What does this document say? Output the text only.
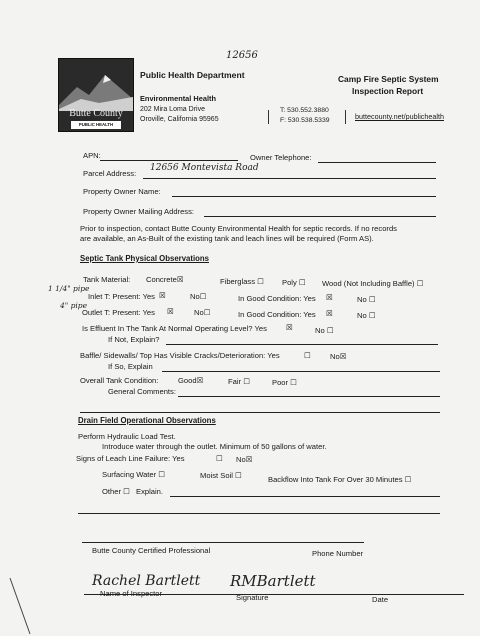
12656
Butte County
PUBLIC HEALTH
Public Health Department
Environmental Health
202 Mira Loma Drive
Oroville, California 95965
T: 530.552.3880
F: 530.538.5339	buttecounty.net/publichealth
Camp Fire Septic System
Inspection Report
APN:	Owner Telephone:
Parcel Address:
12656 Montevista Road
Property Owner Name:
Property Owner Mailing Address:
Prior to inspection, contact Butte County Environmental Health for septic records. If no records
are available, an As-Built of the existing tank and leach lines will be required (Form AS).
Septic Tank Physical Observations
Tank Material: Concrete☒	Fiberglass ☐ Poly ☐ Wood (Not Including Baffle) ☐
1 1/4" pipe
Inlet T: Present: Yes ☒	No☐	In Good Condition: Yes ☒	No ☐
4" pipe
Outlet T: Present: Yes ☒	No☐	In Good Condition: Yes ☒	No ☐
Is Effluent In The Tank At Normal Operating Level? Yes	☒	No ☐
If Not, Explain?
Baffle/ Sidewalls/ Top Has Visible Cracks/Deterioration: Yes	☐	No☒
If So, Explain
Overall Tank Condition:	Good☒	Fair ☐	Poor ☐
General Comments:
Drain Field Operational Observations
Perform Hydraulic Load Test.
Introduce water through the outlet. Minimum of 50 gallons of water.
Signs of Leach Line Failure: Yes	☐ No☒
Surfacing Water ☐	Moist Soil ☐	Backflow Into Tank For Over 30 Minutes ☐
Other ☐ Explain.
Butte County Certified Professional	Phone Number
Rachel Bartlett RMBartlett
Name of Inspector	Signature	Date
